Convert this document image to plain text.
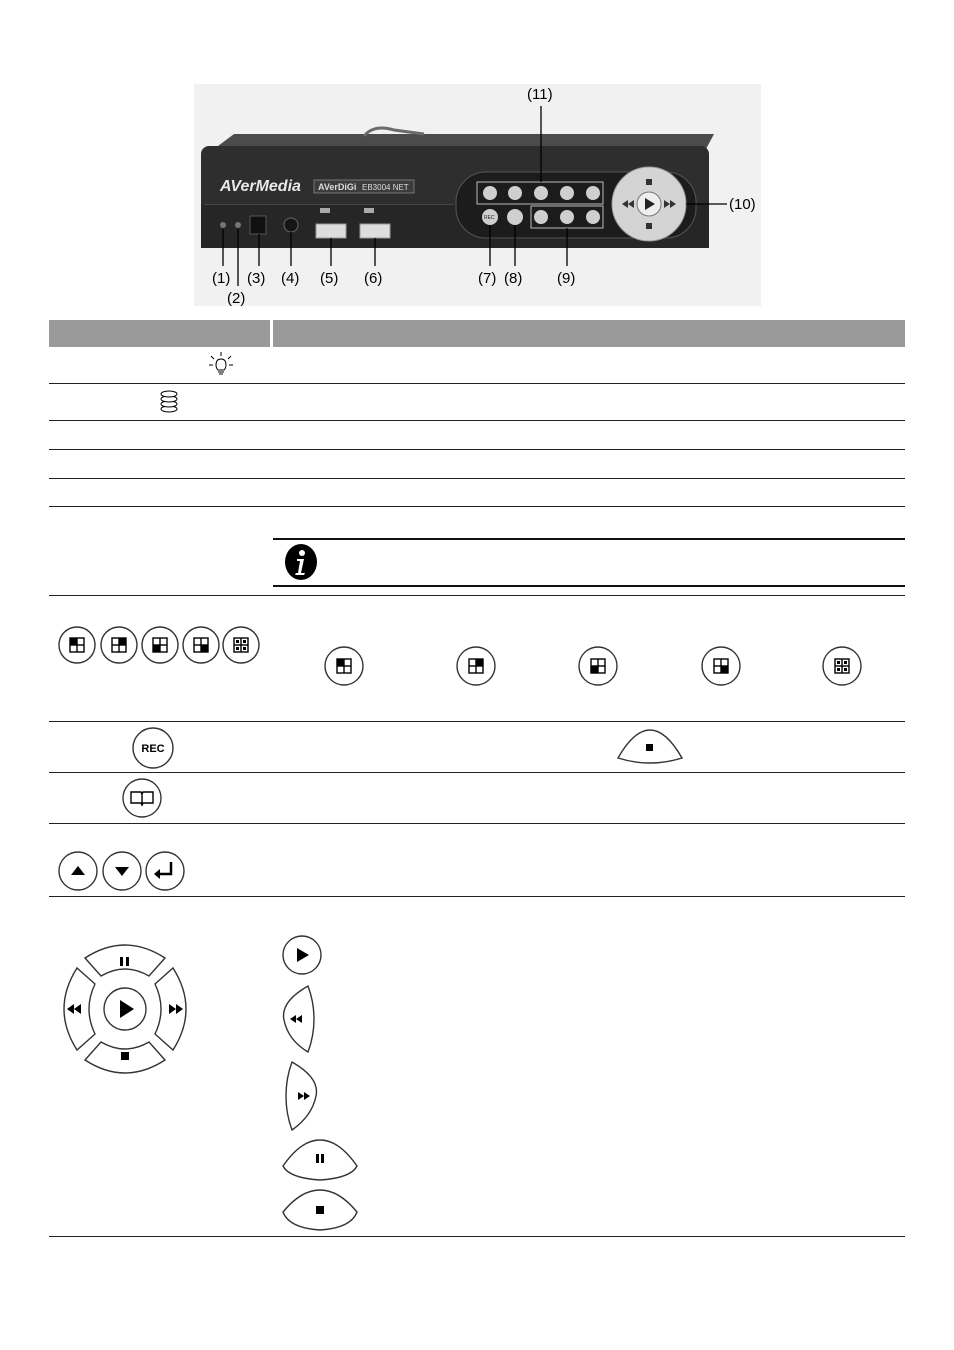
AVerMedia AVerDiGi EB3004 NET
REC
(11)
(10)
(1)
(2)
(3) (4) (5) (6)	(7) (8) (9)
REC
